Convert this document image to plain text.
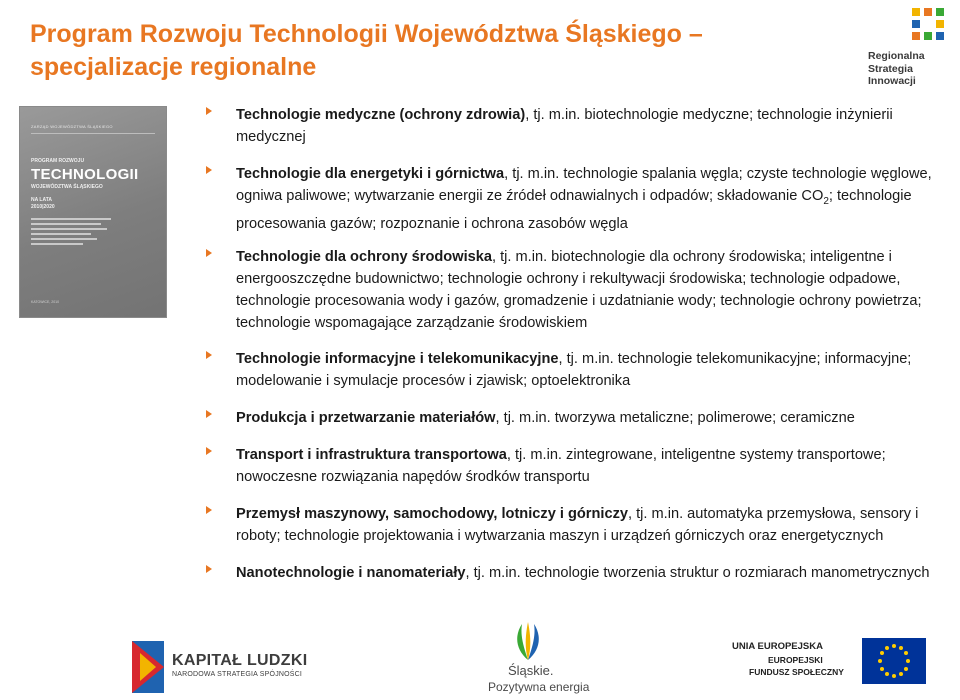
Program Rozwoju Technologii Województwa Śląskiego – specjalizacje regionalne	Regionalna
Strategia
Innowacji
ZARZĄD WOJEWÓDZTWA ŚLĄSKIEGO
PROGRAM ROZWOJU
TECHNOLOGII
WOJEWÓDZTWA ŚLĄSKIEGO
NA LATA
2010|2020
KATOWICE, 2010
Technologie medyczne (ochrony zdrowia), tj. m.in. biotechnologie medyczne; technologie inżynierii medycznej
Technologie dla energetyki i górnictwa, tj. m.in. technologie spalania węgla; czyste technologie węglowe, ogniwa paliwowe; wytwarzanie energii ze źródeł odnawialnych i odpadów; składowanie $CO_2$; technologie procesowania gazów; rozpoznanie i ochrona zasobów węgla
Technologie dla ochrony środowiska, tj. m.in. biotechnologie dla ochrony środowiska; inteligentne i energooszczędne budownictwo; technologie ochrony i rekultywacji środowiska; technologie odpadowe, technologie procesowania wody i gazów, gromadzenie i uzdatnianie wody; technologie ochrony powietrza; technologie wspomagające zarządzanie środowiskiem
Technologie informacyjne i telekomunikacyjne, tj. m.in. technologie telekomunikacyjne; informacyjne; modelowanie i symulacje procesów i zjawisk; optoelektronika
Produkcja i przetwarzanie materiałów, tj. m.in. tworzywa metaliczne; polimerowe; ceramiczne
Transport i infrastruktura transportowa, tj. m.in. zintegrowane, inteligentne systemy transportowe; nowoczesne rozwiązania napędów środków transportu
Przemysł maszynowy, samochodowy, lotniczy i górniczy, tj. m.in. automatyka przemysłowa, sensory i roboty; technologie projektowania i wytwarzania maszyn i urządzeń górniczych oraz energetycznych
Nanotechnologie i nanomateriały, tj. m.in. technologie tworzenia struktur o rozmiarach manometrycznych
KAPITAŁ LUDZKI
NARODOWA STRATEGIA SPÓJNOŚCI	Śląskie.
Pozytywna energia
UNIA EUROPEJSKA
EUROPEJSKI
FUNDUSZ SPOŁECZNY
